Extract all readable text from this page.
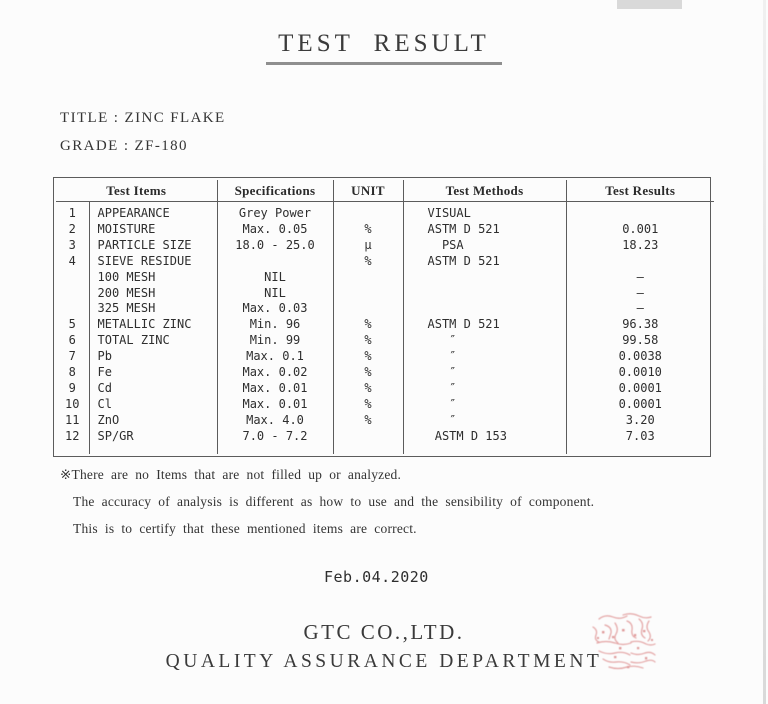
TEST RESULT
TITLE : ZINC FLAKE
GRADE : ZF-180
Test Items		Specifications	UNIT	Test Methods	Test Results

1	APPEARANCE	Grey Power		VISUAL	
2	MOISTURE	Max. 0.05	%	ASTM D 521	0.001
3	PARTICLE SIZE	18.0 - 25.0	μ	PSA	18.23
4	SIEVE RESIDUE		%	ASTM D 521	
	100 MESH	NIL			–
	200 MESH	NIL			–
	325 MESH	Max. 0.03			–
5	METALLIC ZINC	Min. 96	%	ASTM D 521	96.38
6	TOTAL ZINC	Min. 99	%	″	99.58
7	Pb	Max. 0.1	%	″	0.0038
8	Fe	Max. 0.02	%	″	0.0010
9	Cd	Max. 0.01	%	″	0.0001
10	Cl	Max. 0.01	%	″	0.0001
11	ZnO	Max. 4.0	%	″	3.20
12	SP/GR	7.0 - 7.2		ASTM D 153	7.03

※There are no Items that are not filled up or analyzed.

The accuracy of analysis is different as how to use and the sensibility of component.

This is to certify that these mentioned items are correct.

Feb.04.2020
GTC CO.,LTD.
QUALITY ASSURANCE DEPARTMENT
